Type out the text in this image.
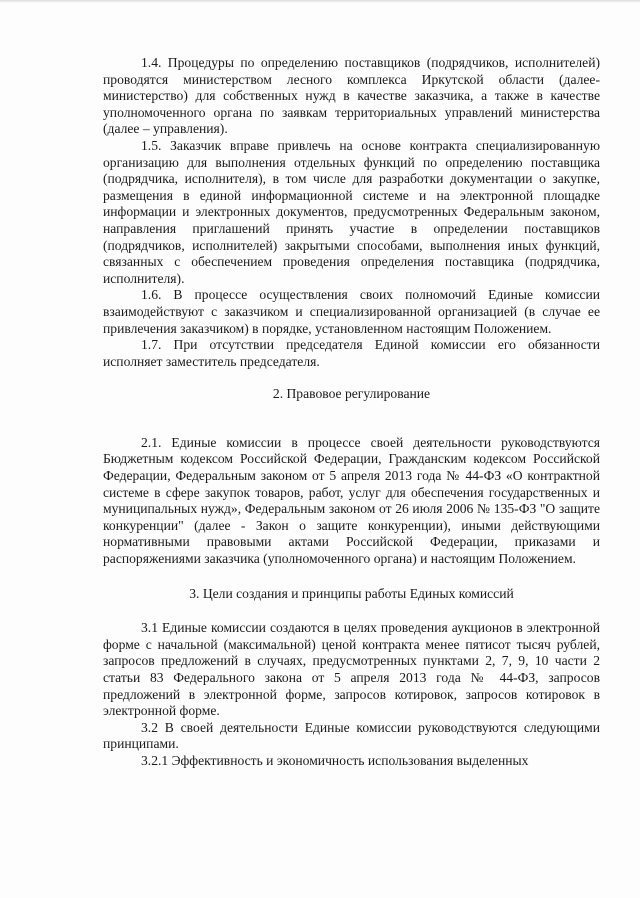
1.4. Процедуры по определению поставщиков (подрядчиков, исполнителей) проводятся министерством лесного комплекса Иркутской области (далее-министерство) для собственных нужд в качестве заказчика, а также в качестве уполномоченного органа по заявкам территориальных управлений министерства (далее – управления).

1.5. Заказчик вправе привлечь на основе контракта специализированную организацию для выполнения отдельных функций по определению поставщика (подрядчика, исполнителя), в том числе для разработки документации о закупке, размещения в единой информационной системе и на электронной площадке информации и электронных документов, предусмотренных Федеральным законом, направления приглашений принять участие в определении поставщиков (подрядчиков, исполнителей) закрытыми способами, выполнения иных функций, связанных с обеспечением проведения определения поставщика (подрядчика, исполнителя).

1.6. В процессе осуществления своих полномочий Единые комиссии взаимодействуют с заказчиком и специализированной организацией (в случае ее привлечения заказчиком) в порядке, установленном настоящим Положением.

1.7. При отсутствии председателя Единой комиссии его обязанности исполняет заместитель председателя.

2. Правовое регулирование

2.1. Единые комиссии в процессе своей деятельности руководствуются Бюджетным кодексом Российской Федерации, Гражданским кодексом Российской Федерации, Федеральным законом от 5 апреля 2013 года № 44-ФЗ «О контрактной системе в сфере закупок товаров, работ, услуг для обеспечения государственных и муниципальных нужд», Федеральным законом от 26 июля 2006 № 135-ФЗ "О защите конкуренции" (далее - Закон о защите конкуренции), иными действующими нормативными правовыми актами Российской Федерации, приказами и распоряжениями заказчика (уполномоченного органа) и настоящим Положением.

3. Цели создания и принципы работы Единых комиссий

3.1 Единые комиссии создаются в целях проведения аукционов в электронной форме с начальной (максимальной) ценой контракта менее пятисот тысяч рублей, запросов предложений в случаях, предусмотренных пунктами 2, 7, 9, 10 части 2 статьи 83 Федерального закона от 5 апреля 2013 года № 44-ФЗ, запросов предложений в электронной форме, запросов котировок, запросов котировок в электронной форме.

3.2 В своей деятельности Единые комиссии руководствуются следующими принципами.

3.2.1 Эффективность и экономичность использования выделенных
